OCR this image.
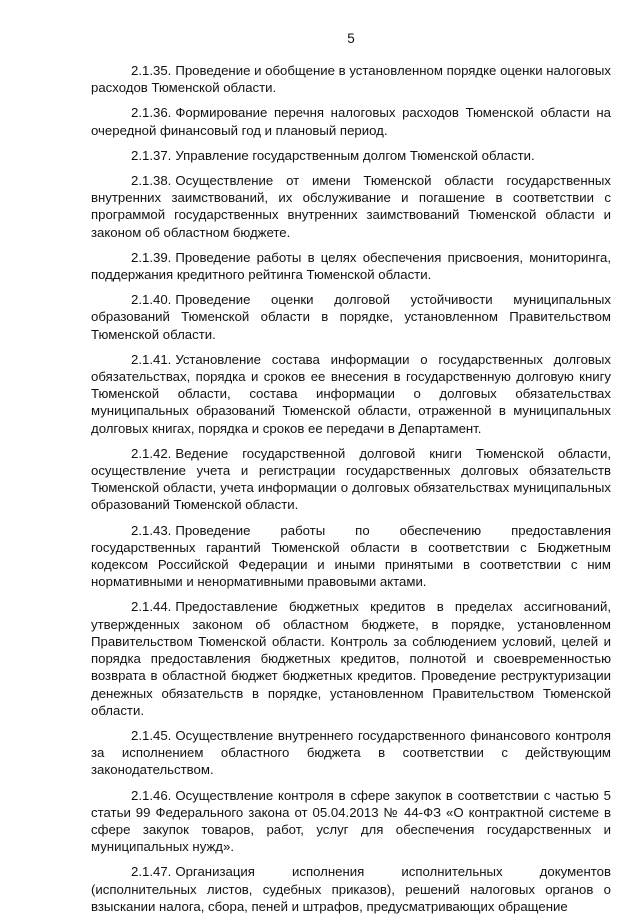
5

2.1.35. Проведение и обобщение в установленном порядке оценки налоговых расходов Тюменской области.

2.1.36. Формирование перечня налоговых расходов Тюменской области на очередной финансовый год и плановый период.

2.1.37. Управление государственным долгом Тюменской области.

2.1.38. Осуществление от имени Тюменской области государственных внутренних заимствований, их обслуживание и погашение в соответствии с программой государственных внутренних заимствований Тюменской области и законом об областном бюджете.

2.1.39. Проведение работы в целях обеспечения присвоения, мониторинга, поддержания кредитного рейтинга Тюменской области.

2.1.40. Проведение оценки долговой устойчивости муниципальных образований Тюменской области в порядке, установленном Правительством Тюменской области.

2.1.41. Установление состава информации о государственных долговых обязательствах, порядка и сроков ее внесения в государственную долговую книгу Тюменской области, состава информации о долговых обязательствах муниципальных образований Тюменской области, отраженной в муниципальных долговых книгах, порядка и сроков ее передачи в Департамент.

2.1.42. Ведение государственной долговой книги Тюменской области, осуществление учета и регистрации государственных долговых обязательств Тюменской области, учета информации о долговых обязательствах муниципальных образований Тюменской области.

2.1.43. Проведение работы по обеспечению предоставления государственных гарантий Тюменской области в соответствии с Бюджетным кодексом Российской Федерации и иными принятыми в соответствии с ним нормативными и ненормативными правовыми актами.

2.1.44. Предоставление бюджетных кредитов в пределах ассигнований, утвержденных законом об областном бюджете, в порядке, установленном Правительством Тюменской области. Контроль за соблюдением условий, целей и порядка предоставления бюджетных кредитов, полнотой и своевременностью возврата в областной бюджет бюджетных кредитов. Проведение реструктуризации денежных обязательств в порядке, установленном Правительством Тюменской области.

2.1.45. Осуществление внутреннего государственного финансового контроля за исполнением областного бюджета в соответствии с действующим законодательством.

2.1.46. Осуществление контроля в сфере закупок в соответствии с частью 5 статьи 99 Федерального закона от 05.04.2013 № 44-ФЗ «О контрактной системе в сфере закупок товаров, работ, услуг для обеспечения государственных и муниципальных нужд».

2.1.47. Организация исполнения исполнительных документов (исполнительных листов, судебных приказов), решений налоговых органов о взыскании налога, сбора, пеней и штрафов, предусматривающих обращение
